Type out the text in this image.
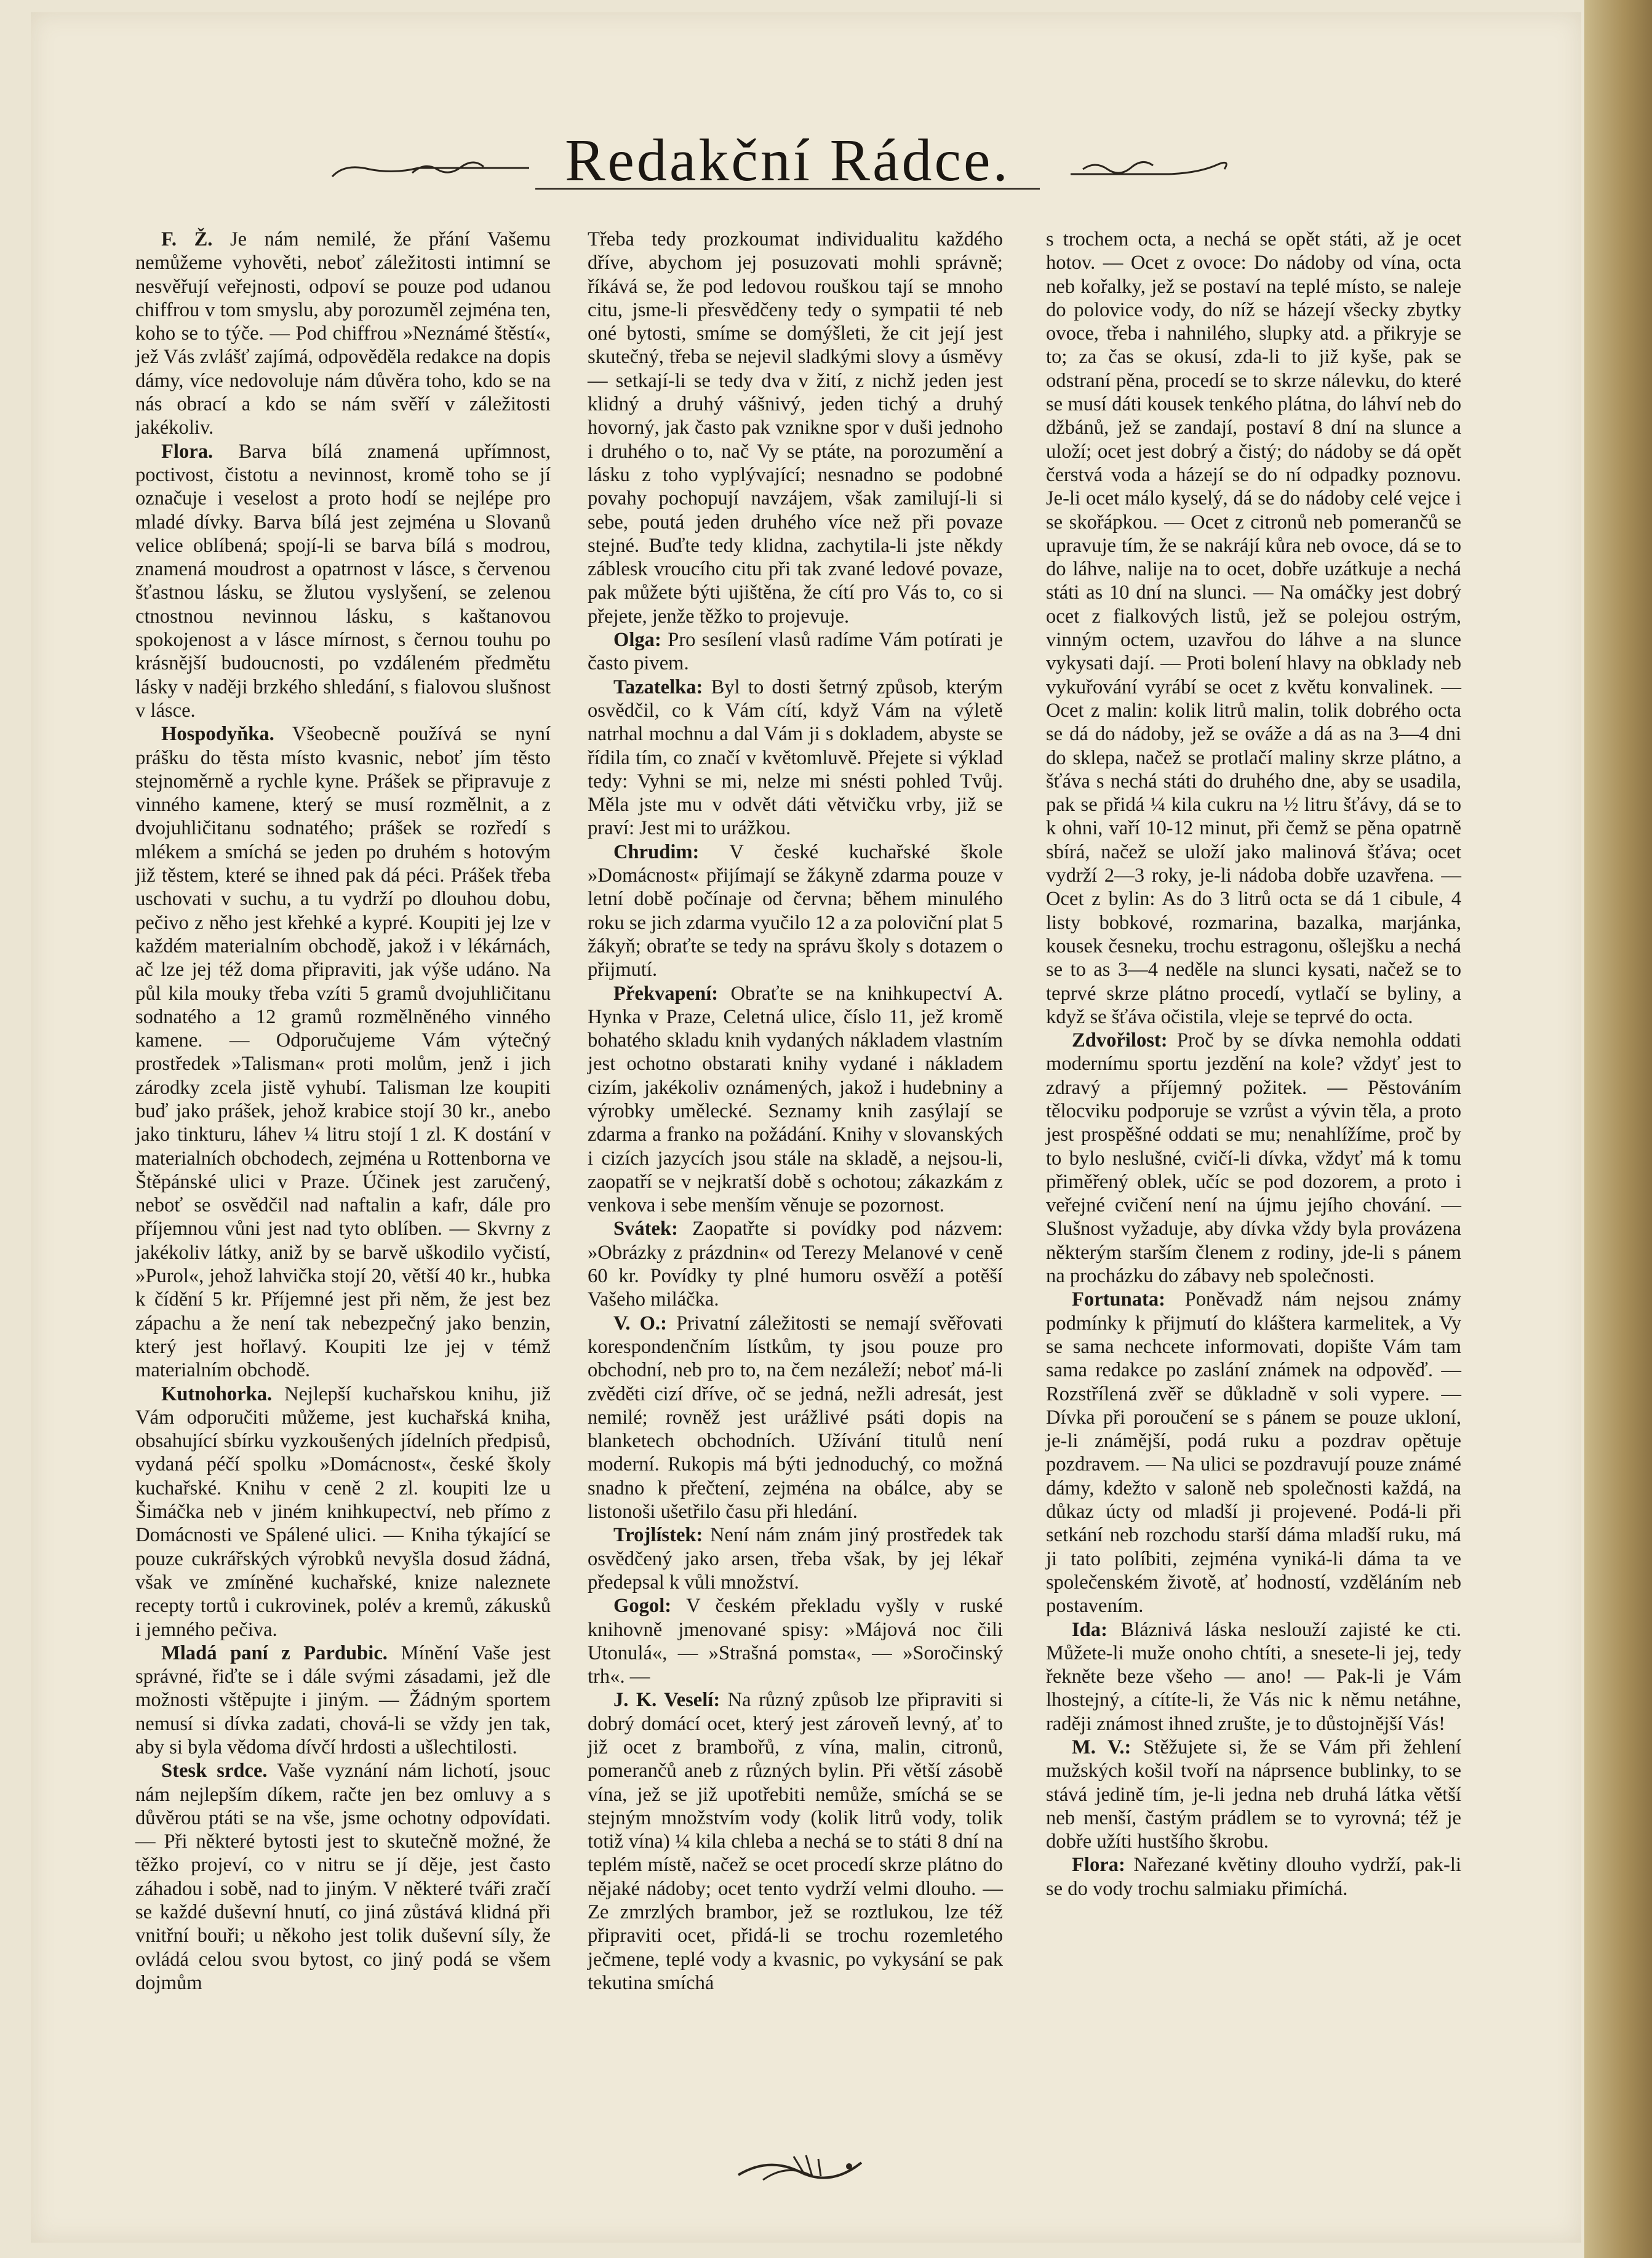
Redakční Rádce.

F. Ž. Je nám nemilé, že přání Vašemu nemůžeme vyhověti, neboť záležitosti intimní se nesvěřují veřejnosti, odpoví se pouze pod udanou chiffrou v tom smyslu, aby porozuměl zejména ten, koho se to týče. — Pod chiffrou »Neznámé štěstí«, jež Vás zvlášť zajímá, odpověděla redakce na dopis dámy, více nedovoluje nám důvěra toho, kdo se na nás obrací a kdo se nám svěří v záležitosti jakékoliv.

Flora. Barva bílá znamená upřímnost, poctivost, čistotu a nevinnost, kromě toho se jí označuje i veselost a proto hodí se nejlépe pro mladé dívky. Barva bílá jest zejména u Slovanů velice oblíbená; spojí-li se barva bílá s modrou, znamená moudrost a opatrnost v lásce, s červenou šťastnou lásku, se žlutou vyslyšení, se zelenou ctnostnou nevinnou lásku, s kaštanovou spokojenost a v lásce mírnost, s černou touhu po krásnější budoucnosti, po vzdáleném předmětu lásky v naději brzkého shledání, s fialovou slušnost v lásce.

Hospodyňka. Všeobecně používá se nyní prášku do těsta místo kvasnic, neboť jím těsto stejnoměrně a rychle kyne. Prášek se připravuje z vinného kamene, který se musí rozmělnit, a z dvojuhličitanu sodnatého; prášek se rozředí s mlékem a smíchá se jeden po druhém s hotovým již těstem, které se ihned pak dá péci. Prášek třeba uschovati v suchu, a tu vydrží po dlouhou dobu, pečivo z něho jest křehké a kypré. Koupiti jej lze v každém materialním obchodě, jakož i v lékárnách, ač lze jej též doma připraviti, jak výše udáno. Na půl kila mouky třeba vzíti 5 gramů dvojuhličitanu sodnatého a 12 gramů rozmělněného vinného kamene. — Odporučujeme Vám výtečný prostředek »Talisman« proti molům, jenž i jich zárodky zcela jistě vyhubí. Talisman lze koupiti buď jako prášek, jehož krabice stojí 30 kr., anebo jako tinkturu, láhev ¼ litru stojí 1 zl. K dostání v materialních obchodech, zejména u Rottenborna ve Štěpánské ulici v Praze. Účinek jest zaručený, neboť se osvědčil nad naftalin a kafr, dále pro příjemnou vůni jest nad tyto oblíben. — Skvrny z jakékoliv látky, aniž by se barvě uškodilo vyčistí, »Purol«, jehož lahvička stojí 20, větší 40 kr., hubka k čídění 5 kr. Příjemné jest při něm, že jest bez zápachu a že není tak nebezpečný jako benzin, který jest hořlavý. Koupiti lze jej v témž materialním obchodě.

Kutnohorka. Nejlepší kuchařskou knihu, již Vám odporučiti můžeme, jest kuchařská kniha, obsahující sbírku vyzkoušených jídelních předpisů, vydaná péčí spolku »Domácnost«, české školy kuchařské. Knihu v ceně 2 zl. koupiti lze u Šimáčka neb v jiném knihkupectví, neb přímo z Domácnosti ve Spálené ulici. — Kniha týkající se pouze cukrářských výrobků nevyšla dosud žádná, však ve zmíněné kuchařské, knize naleznete recepty tortů i cukrovinek, polév a kremů, zákusků i jemného pečiva.

Mladá paní z Pardubic. Mínění Vaše jest správné, řiďte se i dále svými zásadami, jež dle možnosti vštěpujte i jiným. — Žádným sportem nemusí si dívka zadati, chová-li se vždy jen tak, aby si byla vědoma dívčí hrdosti a ušlechtilosti.

Stesk srdce. Vaše vyznání nám lichotí, jsouc nám nejlepším díkem, račte jen bez omluvy a s důvěrou ptáti se na vše, jsme ochotny odpovídati. — Při některé bytosti jest to skutečně možné, že těžko projeví, co v nitru se jí děje, jest často záhadou i sobě, nad to jiným. V některé tváři zračí se každé duševní hnutí, co jiná zůstává klidná při vnitřní bouři; u někoho jest tolik duševní síly, že ovládá celou svou bytost, co jiný podá se všem dojmům

Třeba tedy prozkoumat individualitu každého dříve, abychom jej posuzovati mohli správně; říkává se, že pod ledovou rouškou tají se mnoho citu, jsme-li přesvědčeny tedy o sympatii té neb oné bytosti, smíme se domýšleti, že cit její jest skutečný, třeba se nejevil sladkými slovy a úsměvy — setkají-li se tedy dva v žití, z nichž jeden jest klidný a druhý vášnivý, jeden tichý a druhý hovorný, jak často pak vznikne spor v duši jednoho i druhého o to, nač Vy se ptáte, na porozumění a lásku z toho vyplývající; nesnadno se podobné povahy pochopují navzájem, však zamilují-li si sebe, poutá jeden druhého více než při povaze stejné. Buďte tedy klidna, zachytila-li jste někdy záblesk vroucího citu při tak zvané ledové povaze, pak můžete býti ujištěna, že cítí pro Vás to, co si přejete, jenže těžko to projevuje.

Olga: Pro sesílení vlasů radíme Vám potírati je často pivem.

Tazatelka: Byl to dosti šetrný způsob, kterým osvědčil, co k Vám cítí, když Vám na výletě natrhal mochnu a dal Vám ji s dokladem, abyste se řídila tím, co značí v květomluvě. Přejete si výklad tedy: Vyhni se mi, nelze mi snésti pohled Tvůj. Měla jste mu v odvět dáti větvičku vrby, již se praví: Jest mi to urážkou.

Chrudim: V české kuchařské škole »Domácnost« přijímají se žákyně zdarma pouze v letní době počínaje od června; během minulého roku se jich zdarma vyučilo 12 a za poloviční plat 5 žákyň; obraťte se tedy na správu školy s dotazem o přijmutí.

Překvapení: Obraťte se na knihkupectví A. Hynka v Praze, Celetná ulice, číslo 11, jež kromě bohatého skladu knih vydaných nákladem vlastním jest ochotno obstarati knihy vydané i nákladem cizím, jakékoliv oznámených, jakož i hudebniny a výrobky umělecké. Seznamy knih zasýlají se zdarma a franko na požádání. Knihy v slovanských i cizích jazycích jsou stále na skladě, a nejsou-li, zaopatří se v nejkratší době s ochotou; zákazkám z venkova i sebe menším věnuje se pozornost.

Svátek: Zaopatřte si povídky pod názvem: »Obrázky z prázdnin« od Terezy Melanové v ceně 60 kr. Povídky ty plné humoru osvěží a potěší Vašeho miláčka.

V. O.: Privatní záležitosti se nemají svěřovati korespondenčním lístkům, ty jsou pouze pro obchodní, neb pro to, na čem nezáleží; neboť má-li zvěděti cizí dříve, oč se jedná, nežli adresát, jest nemilé; rovněž jest urážlivé psáti dopis na blanketech obchodních. Užívání titulů není moderní. Rukopis má býti jednoduchý, co možná snadno k přečtení, zejména na obálce, aby se listonoši ušetřilo času při hledání.

Trojlístek: Není nám znám jiný prostředek tak osvědčený jako arsen, třeba však, by jej lékař předepsal k vůli množství.

Gogol: V českém překladu vyšly v ruské knihovně jmenované spisy: »Májová noc čili Utonulá«, — »Strašná pomsta«, — »Soročinský trh«. —

J. K. Veselí: Na různý způsob lze připraviti si dobrý domácí ocet, který jest zároveň levný, ať to již ocet z brambořů, z vína, malin, citronů, pomerančů aneb z různých bylin. Při větší zásobě vína, jež se již upotřebiti nemůže, smíchá se se stejným množstvím vody (kolik litrů vody, tolik totiž vína) ¼ kila chleba a nechá se to státi 8 dní na teplém místě, načež se ocet procedí skrze plátno do nějaké nádoby; ocet tento vydrží velmi dlouho. — Ze zmrzlých brambor, jež se roztlukou, lze též připraviti ocet, přidá-li se trochu rozemletého ječmene, teplé vody a kvasnic, po vykysání se pak tekutina smíchá

s trochem octa, a nechá se opět státi, až je ocet hotov. — Ocet z ovoce: Do nádoby od vína, octa neb kořalky, jež se postaví na teplé místo, se naleje do polovice vody, do níž se házejí všecky zbytky ovoce, třeba i nahnilého, slupky atd. a přikryje se to; za čas se okusí, zda-li to již kyše, pak se odstraní pěna, procedí se to skrze nálevku, do které se musí dáti kousek tenkého plátna, do láhví neb do džbánů, jež se zandají, postaví 8 dní na slunce a uloží; ocet jest dobrý a čistý; do nádoby se dá opět čerstvá voda a házejí se do ní odpadky poznovu. Je-li ocet málo kyselý, dá se do nádoby celé vejce i se skořápkou. — Ocet z citronů neb pomerančů se upravuje tím, že se nakrájí kůra neb ovoce, dá se to do láhve, nalije na to ocet, dobře uzátkuje a nechá státi as 10 dní na slunci. — Na omáčky jest dobrý ocet z fialkových listů, jež se polejou ostrým, vinným octem, uzavřou do láhve a na slunce vykysati dají. — Proti bolení hlavy na obklady neb vykuřování vyrábí se ocet z květu konvalinek. — Ocet z malin: kolik litrů malin, tolik dobrého octa se dá do nádoby, jež se ováže a dá as na 3—4 dni do sklepa, načež se protlačí maliny skrze plátno, a šťáva s nechá státi do druhého dne, aby se usadila, pak se přidá ¼ kila cukru na ½ litru šťávy, dá se to k ohni, vaří 10-12 minut, při čemž se pěna opatrně sbírá, načež se uloží jako malinová šťáva; ocet vydrží 2—3 roky, je-li nádoba dobře uzavřena. — Ocet z bylin: As do 3 litrů octa se dá 1 cibule, 4 listy bobkové, rozmarina, bazalka, marjánka, kousek česneku, trochu estragonu, ošlejšku a nechá se to as 3—4 neděle na slunci kysati, načež se to teprvé skrze plátno procedí, vytlačí se byliny, a když se šťáva očistila, vleje se teprvé do octa.

Zdvořilost: Proč by se dívka nemohla oddati modernímu sportu jezdění na kole? vždyť jest to zdravý a příjemný požitek. — Pěstováním tělocviku podporuje se vzrůst a vývin těla, a proto jest prospěšné oddati se mu; nenahlížíme, proč by to bylo neslušné, cvičí-li dívka, vždyť má k tomu přiměřený oblek, učíc se pod dozorem, a proto i veřejné cvičení není na újmu jejího chování. — Slušnost vyžaduje, aby dívka vždy byla provázena některým starším členem z rodiny, jde-li s pánem na procházku do zábavy neb společnosti.

Fortunata: Poněvadž nám nejsou známy podmínky k přijmutí do kláštera karmelitek, a Vy se sama nechcete informovati, dopište Vám tam sama redakce po zaslání známek na odpověď. — Rozstřílená zvěř se důkladně v soli vypere. — Dívka při poroučení se s pánem se pouze ukloní, je-li známější, podá ruku a pozdrav opětuje pozdravem. — Na ulici se pozdravují pouze známé dámy, kdežto v saloně neb společnosti každá, na důkaz úcty od mladší ji projevené. Podá-li při setkání neb rozchodu starší dáma mladší ruku, má ji tato políbiti, zejména vyniká-li dáma ta ve společenském životě, ať hodností, vzděláním neb postavením.

Ida: Bláznivá láska neslouží zajisté ke cti. Můžete-li muže onoho chtíti, a snesete-li jej, tedy řekněte beze všeho — ano! — Pak-li je Vám lhostejný, a cítíte-li, že Vás nic k němu netáhne, raději známost ihned zrušte, je to důstojnější Vás!

M. V.: Stěžujete si, že se Vám při žehlení mužských košil tvoří na náprsence bublinky, to se stává jedině tím, je-li jedna neb druhá látka větší neb menší, častým prádlem se to vyrovná; též je dobře užíti hustšího škrobu.

Flora: Nařezané květiny dlouho vydrží, pak-li se do vody trochu salmiaku přimíchá.
